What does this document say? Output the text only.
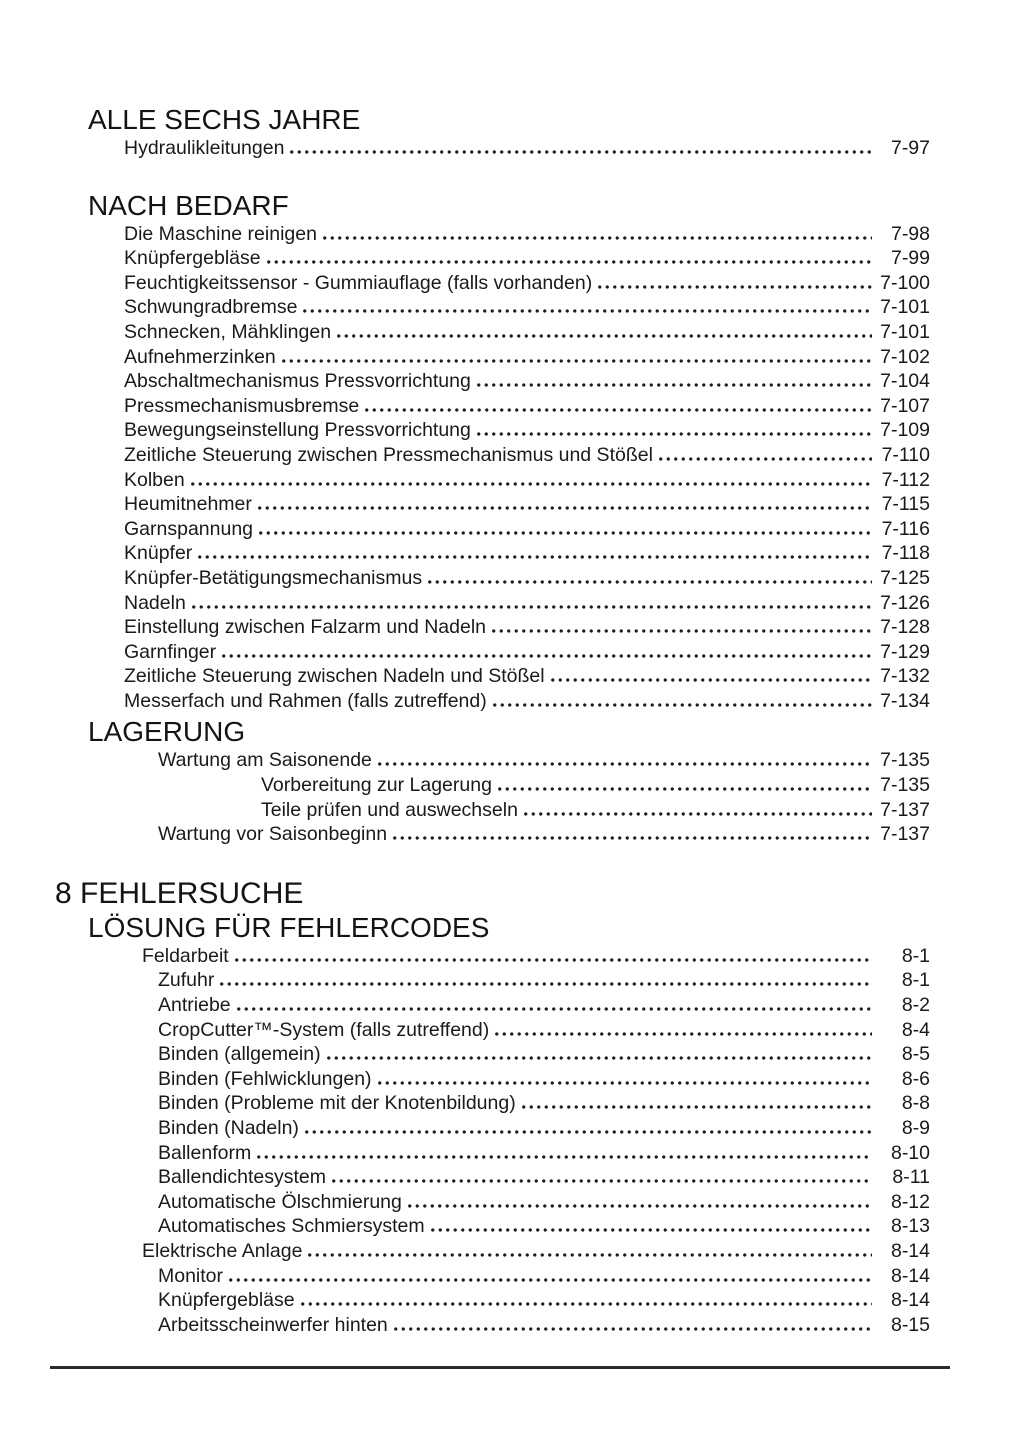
ALLE SECHS JAHRE
Hydraulikleitungen	7-97
NACH BEDARF
Die Maschine reinigen	7-98
Knüpfergebläse	7-99
Feuchtigkeitssensor - Gummiauflage (falls vorhanden)	7-100
Schwungradbremse	7-101
Schnecken, Mähklingen	7-101
Aufnehmerzinken	7-102
Abschaltmechanismus Pressvorrichtung	7-104
Pressmechanismusbremse	7-107
Bewegungseinstellung Pressvorrichtung	7-109
Zeitliche Steuerung zwischen Pressmechanismus und Stößel	7-110
Kolben	7-112
Heumitnehmer	7-115
Garnspannung	7-116
Knüpfer	7-118
Knüpfer-Betätigungsmechanismus	7-125
Nadeln	7-126
Einstellung zwischen Falzarm und Nadeln	7-128
Garnfinger	7-129
Zeitliche Steuerung zwischen Nadeln und Stößel	7-132
Messerfach und Rahmen (falls zutreffend)	7-134
LAGERUNG
Wartung am Saisonende	7-135
Vorbereitung zur Lagerung	7-135
Teile prüfen und auswechseln	7-137
Wartung vor Saisonbeginn	7-137
8 FEHLERSUCHE
LÖSUNG FÜR FEHLERCODES
Feldarbeit	8-1
Zufuhr	8-1
Antriebe	8-2
CropCutter™-System (falls zutreffend)	8-4
Binden (allgemein)	8-5
Binden (Fehlwicklungen)	8-6
Binden (Probleme mit der Knotenbildung)	8-8
Binden (Nadeln)	8-9
Ballenform	8-10
Ballendichtesystem	8-11
Automatische Ölschmierung	8-12
Automatisches Schmiersystem	8-13
Elektrische Anlage	8-14
Monitor	8-14
Knüpfergebläse	8-14
Arbeitsscheinwerfer hinten	8-15
